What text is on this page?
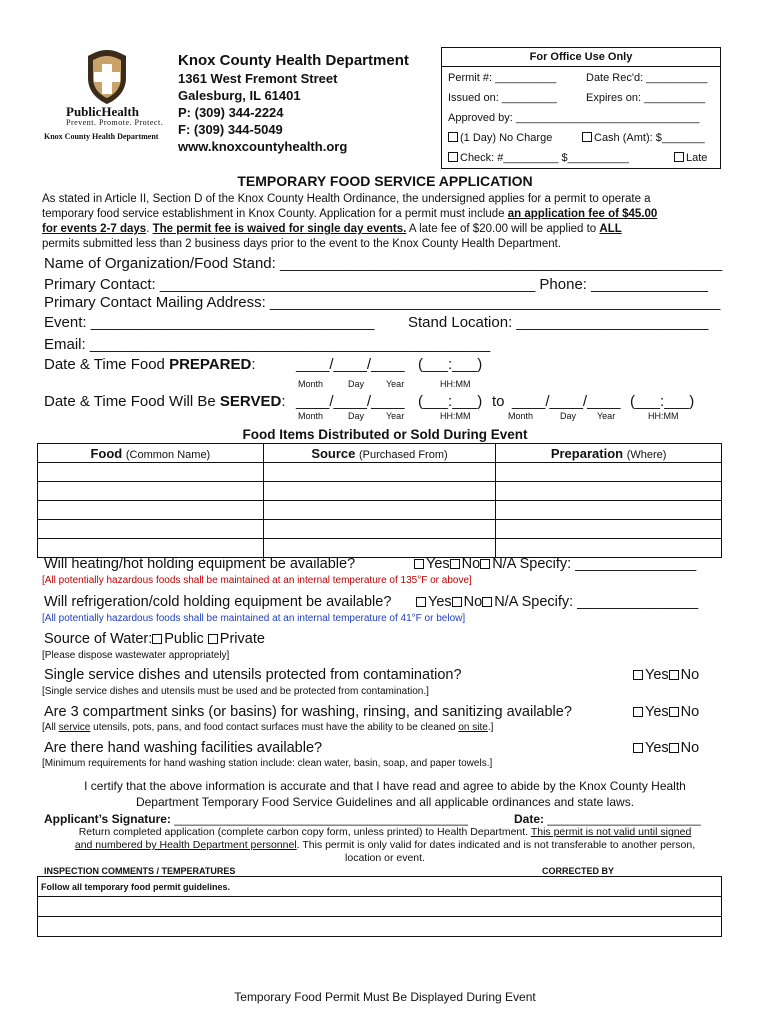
PublicHealth
Prevent. Promote. Protect.
Knox County Health Department
Knox County Health Department
1361 West Fremont Street
Galesburg, IL 61401
P: (309) 344-2224
F: (309) 344-5049
www.knoxcountyhealth.org
For Office Use Only
Permit #: __________	Date Rec'd: __________
Issued on: _________	Expires on: __________
Approved by: ______________________________
(1 Day) No Charge	Cash (Amt): $_______
Check: #_________ $__________	Late
TEMPORARY FOOD SERVICE APPLICATION
As stated in Article II, Section D of the Knox County Health Ordinance, the undersigned applies for a permit to operate a
temporary food service establishment in Knox County. Application for a permit must include an application fee of $45.00
for events 2-7 days. The permit fee is waived for single day events. A late fee of $20.00 will be applied to ALL
permits submitted less than 2 business days prior to the event to the Knox County Health Department.
Name of Organization/Food Stand: _____________________________________________________
Primary Contact: _____________________________________________ Phone: ______________
Primary Contact Mailing Address: ______________________________________________________
Event: __________________________________ Stand Location: _______________________
Email: ________________________________________________
Date & Time Food PREPARED:	____/____/____ (___:___)
Month	Day Year	HH:MM
Date & Time Food Will Be SERVED: ____/____/____ (___:___) to ____/____/____ (___:___)
Month	Day Year	HH:MM	Month	Day Year	HH:MM
Food Items Distributed or Sold During Event
Food (Common Name)	Source (Purchased From)	Preparation (Where)

Will heating/hot holding equipment be available?	Yes No N/A Specify: _______________
[All potentially hazardous foods shall be maintained at an internal temperature of 135°F or above]
Will refrigeration/cold holding equipment be available?	Yes No N/A Specify: _______________
[All potentially hazardous foods shall be maintained at an internal temperature of 41°F or below]
Source of Water: Public Private
[Please dispose wastewater appropriately]
Single service dishes and utensils protected from contamination?	Yes No
[Single service dishes and utensils must be used and be protected from contamination.]
Are 3 compartment sinks (or basins) for washing, rinsing, and sanitizing available?	Yes No
[All service utensils, pots, pans, and food contact surfaces must have the ability to be cleaned on site.]
Are there hand washing facilities available?	Yes No
[Minimum requirements for hand washing station include: clean water, basin, soap, and paper towels.]
I certify that the above information is accurate and that I have read and agree to abide by the Knox County Health
Department Temporary Food Service Guidelines and all applicable ordinances and state laws.
Applicant’s Signature: ____________________________________________	Date: _______________________
Return completed application (complete carbon copy form, unless printed) to Health Department. This permit is not valid until signed
and numbered by Health Department personnel. This permit is only valid for dates indicated and is not transferable to another person,
location or event.
INSPECTION COMMENTS / TEMPERATURES	CORRECTED BY
Follow all temporary food permit guidelines.

Temporary Food Permit Must Be Displayed During Event
